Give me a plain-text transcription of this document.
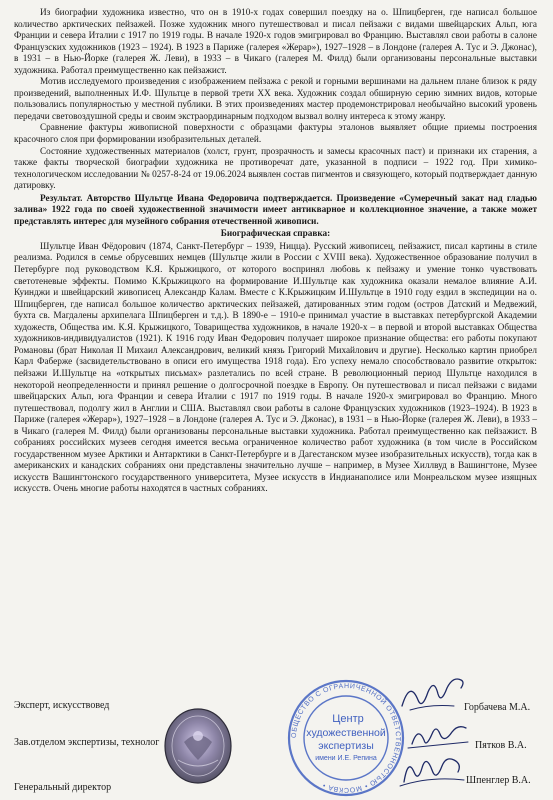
Из биографии художника известно, что он в 1910-х годах совершил поездку на о. Шпицберген, где написал большое количество арктических пейзажей. Позже художник много путешествовал и писал пейзажи с видами швейцарских Альп, юга Франции и севера Италии с 1917 по 1919 годы. В начале 1920-х годов эмигрировал во Францию. Выставлял свои работы в салоне Французских художников (1923 – 1924). В 1923 в Париже (галерея «Жерар»), 1927–1928 – в Лондоне (галерея А. Тус и Э. Джонас), в 1931 – в Нью-Йорке (галерея Ж. Леви), в 1933 – в Чикаго (галерея М. Филд) были организованы персональные выставки художника. Работал преимущественно как пейзажист.

Мотив исследуемого произведения с изображением пейзажа с рекой и горными вершинами на дальнем плане близок к ряду произведений, выполненных И.Ф. Шультце в первой трети XX века. Художник создал обширную серию зимних видов, которые пользовались популярностью у местной публики. В этих произведениях мастер продемонстрировал необычайно высокий уровень передачи световоздушной среды и своим экстраординарным подходом вызвал волну интереса к этому жанру.

Сравнение фактуры живописной поверхности с образцами фактуры эталонов выявляет общие приемы построения красочного слоя при формировании изобразительных деталей.

Состояние художественных материалов (холст, грунт, прозрачность и замесы красочных паст) и признаки их старения, а также факты творческой биографии художника не противоречат дате, указанной в подписи – 1922 год. При химико-технологическом исследовании № 0257-8-24 от 19.06.2024 выявлен состав пигментов и связующего, который подтверждает данную датировку.

Результат. Авторство Шультце Ивана Федоровича подтверждается. Произведение «Сумеречный закат над гладью залива» 1922 года по своей художественной значимости имеет антикварное и коллекционное значение, а также может представлять интерес для музейного собрания отечественной живописи.

Биографическая справка:

Шультце Иван Фёдорович (1874, Санкт-Петербург – 1939, Ницца). Русский живописец, пейзажист, писал картины в стиле реализма. Родился в семье обрусевших немцев (Шультце жили в России с XVIII века). Художественное образование получил в Петербурге под руководством К.Я. Крыжицкого, от которого воспринял любовь к пейзажу и умение тонко чувствовать светотеневые эффекты. Помимо К.Крыжицкого на формирование И.Шультце как художника оказали немалое влияние А.И. Куинджи и швейцарский живописец Александр Калам. Вместе с К.Крыжицким И.Шультце в 1910 году ездил в экспедиции на о. Шпицберген, где написал большое количество арктических пейзажей, датированных этим годом (остров Датский и Медвежий, бухта св. Магдалены архипелага Шпицберген и т.д.). В 1890-е – 1910-е принимал участие в выставках петербургской Академии художеств, Общества им. К.Я. Крыжицкого, Товарищества художников, в начале 1920-х – в первой и второй выставках Общества художников-индивидуалистов (1921). К 1916 году Иван Федорович получает широкое признание общества: его работы покупают Романовы (брат Николая II Михаил Александрович, великий князь Григорий Михайлович и другие). Несколько картин приобрел Карл Фаберже (засвидетельствовано в описи его имущества 1918 года). Его успеху немало способствовало развитие открыток: пейзажи И.Шультце на «открытых письмах» разлетались по всей стране. В революционный период Шультце находился в некоторой неопределенности и принял решение о долгосрочной поездке в Европу. Он путешествовал и писал пейзажи с видами швейцарских Альп, юга Франции и севера Италии с 1917 по 1919 годы. В начале 1920-х эмигрировал во Францию. Много путешествовал, подолгу жил в Англии и США. Выставлял свои работы в салоне Французских художников (1923–1924). В 1923 в Париже (галерея «Жерар»), 1927–1928 – в Лондоне (галерея А. Тус и Э. Джонас), в 1931 – в Нью-Йорке (галерея Ж. Леви), в 1933 – в Чикаго (галерея М. Филд) были организованы персональные выставки художника. Работал преимущественно как пейзажист. В собраниях российских музеев сегодня имеется весьма ограниченное количество работ художника (в том числе в Российском государственном музее Арктики и Антарктики в Санкт-Петербурге и в Дагестанском музее изобразительных искусств), тогда как в американских и канадских собраниях они представлены значительно лучше – например, в Музее Хиллвуд в Вашингтоне, Музее искусств Вашингтонского государственного университета, Музее искусств в Индианаполисе или Монреальском музее изящных искусств. Очень многие работы находятся в частных собраниях.

Эксперт, искусствовед
Зав.отделом экспертизы, технолог
Генеральный директор
Горбачева М.А.
Пятков В.А.
Шпенглер В.А.
ОБЩЕСТВО С ОГРАНИЧЕННОЙ ОТВЕТСТВЕННОСТЬЮ • МОСКВА •
Центр
художественной
экспертизы
имени И.Е. Репина
